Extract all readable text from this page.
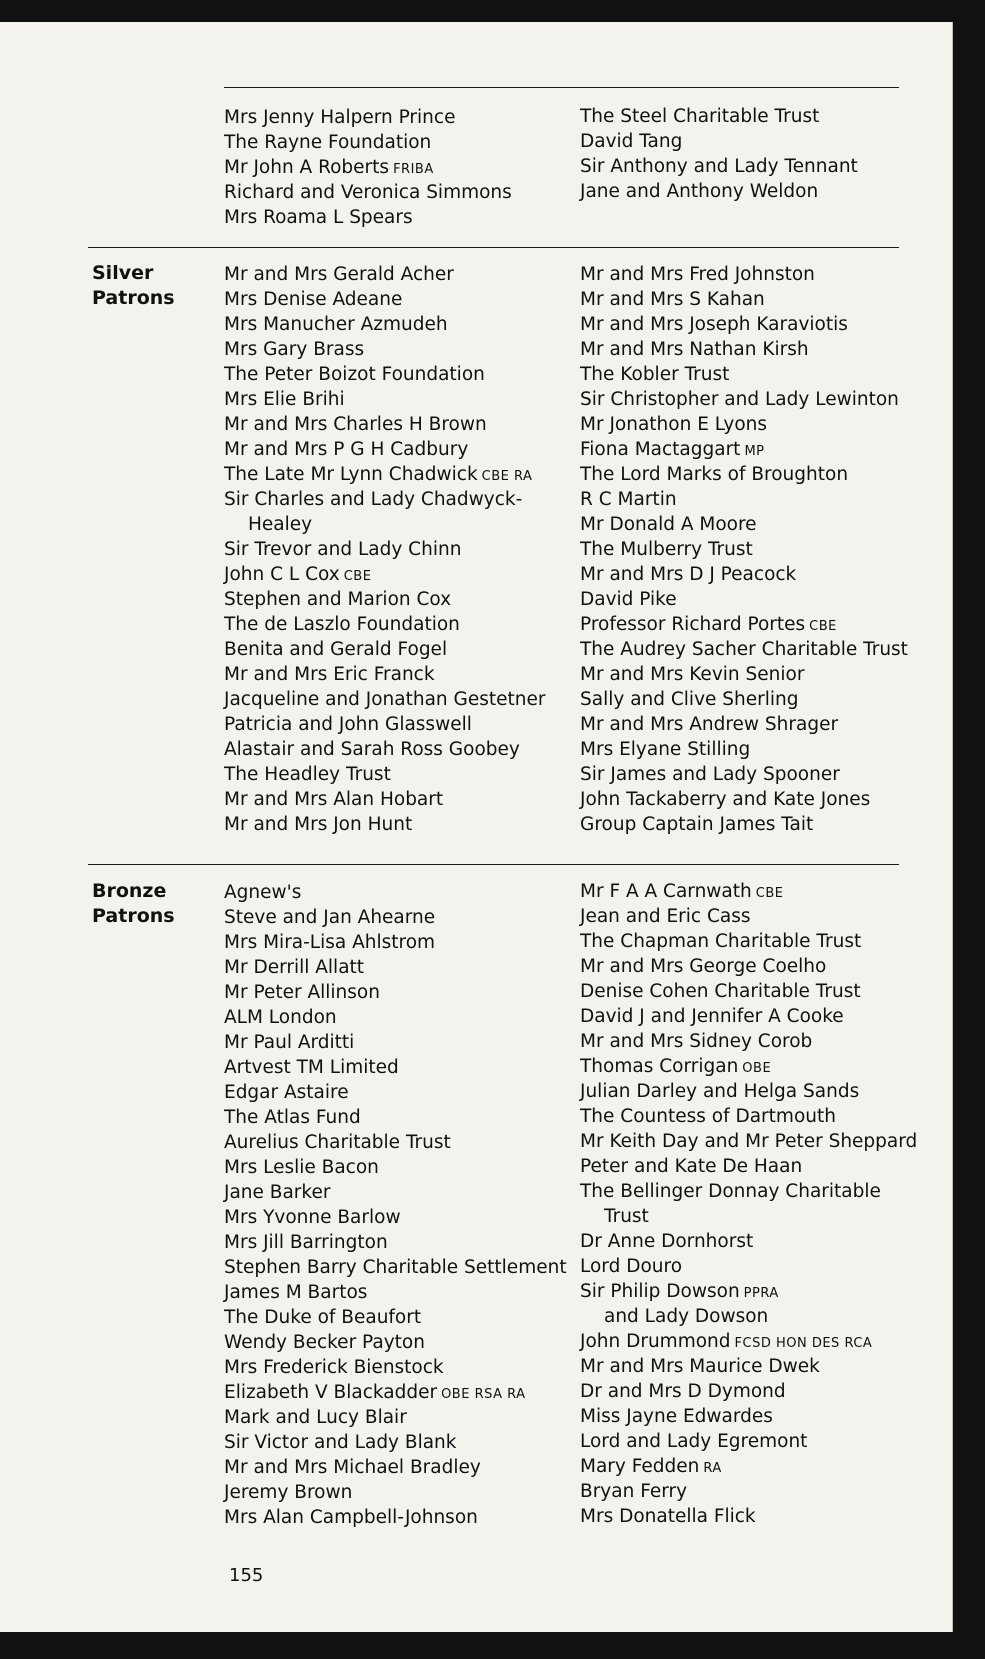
Mrs Jenny Halpern Prince
The Rayne Foundation
Mr John A Roberts FRIBA
Richard and Veronica Simmons
Mrs Roama L Spears
The Steel Charitable Trust
David Tang
Sir Anthony and Lady Tennant
Jane and Anthony Weldon
Silver
Patrons
Mr and Mrs Gerald Acher
Mrs Denise Adeane
Mrs Manucher Azmudeh
Mrs Gary Brass
The Peter Boizot Foundation
Mrs Elie Brihi
Mr and Mrs Charles H Brown
Mr and Mrs P G H Cadbury
The Late Mr Lynn Chadwick CBE RA
Sir Charles and Lady Chadwyck-
Healey
Sir Trevor and Lady Chinn
John C L Cox CBE
Stephen and Marion Cox
The de Laszlo Foundation
Benita and Gerald Fogel
Mr and Mrs Eric Franck
Jacqueline and Jonathan Gestetner
Patricia and John Glasswell
Alastair and Sarah Ross Goobey
The Headley Trust
Mr and Mrs Alan Hobart
Mr and Mrs Jon Hunt
Mr and Mrs Fred Johnston
Mr and Mrs S Kahan
Mr and Mrs Joseph Karaviotis
Mr and Mrs Nathan Kirsh
The Kobler Trust
Sir Christopher and Lady Lewinton
Mr Jonathon E Lyons
Fiona Mactaggart MP
The Lord Marks of Broughton
R C Martin
Mr Donald A Moore
The Mulberry Trust
Mr and Mrs D J Peacock
David Pike
Professor Richard Portes CBE
The Audrey Sacher Charitable Trust
Mr and Mrs Kevin Senior
Sally and Clive Sherling
Mr and Mrs Andrew Shrager
Mrs Elyane Stilling
Sir James and Lady Spooner
John Tackaberry and Kate Jones
Group Captain James Tait
Bronze
Patrons
Agnew's
Steve and Jan Ahearne
Mrs Mira-Lisa Ahlstrom
Mr Derrill Allatt
Mr Peter Allinson
ALM London
Mr Paul Arditti
Artvest TM Limited
Edgar Astaire
The Atlas Fund
Aurelius Charitable Trust
Mrs Leslie Bacon
Jane Barker
Mrs Yvonne Barlow
Mrs Jill Barrington
Stephen Barry Charitable Settlement
James M Bartos
The Duke of Beaufort
Wendy Becker Payton
Mrs Frederick Bienstock
Elizabeth V Blackadder OBE RSA RA
Mark and Lucy Blair
Sir Victor and Lady Blank
Mr and Mrs Michael Bradley
Jeremy Brown
Mrs Alan Campbell-Johnson
Mr F A A Carnwath CBE
Jean and Eric Cass
The Chapman Charitable Trust
Mr and Mrs George Coelho
Denise Cohen Charitable Trust
David J and Jennifer A Cooke
Mr and Mrs Sidney Corob
Thomas Corrigan OBE
Julian Darley and Helga Sands
The Countess of Dartmouth
Mr Keith Day and Mr Peter Sheppard
Peter and Kate De Haan
The Bellinger Donnay Charitable
Trust
Dr Anne Dornhorst
Lord Douro
Sir Philip Dowson PPRA
and Lady Dowson
John Drummond FCSD HON DES RCA
Mr and Mrs Maurice Dwek
Dr and Mrs D Dymond
Miss Jayne Edwardes
Lord and Lady Egremont
Mary Fedden RA
Bryan Ferry
Mrs Donatella Flick
155
